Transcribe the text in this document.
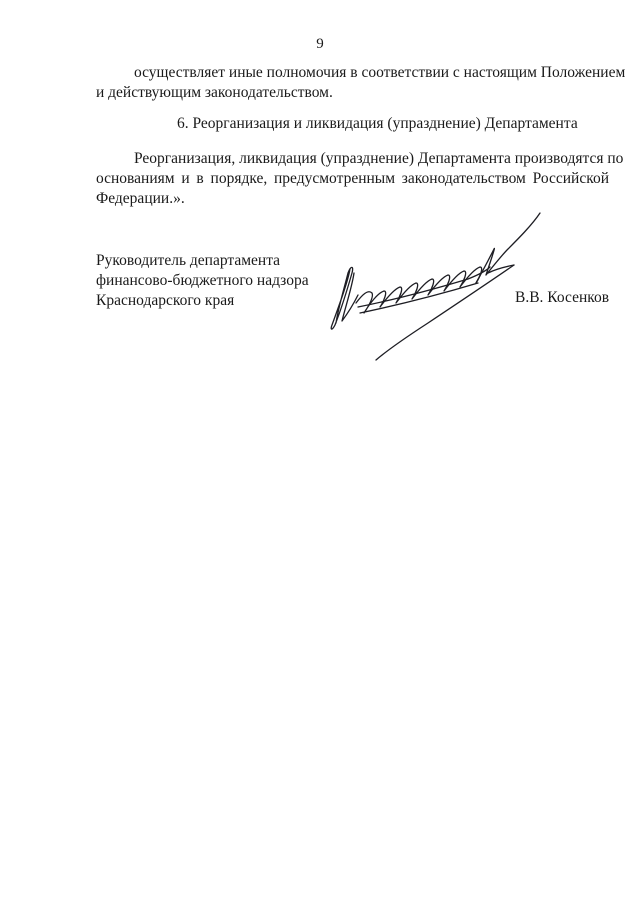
9
осуществляет иные полномочия в соответствии с настоящим Положением
и действующим законодательством.
6. Реорганизация и ликвидация (упразднение) Департамента
Реорганизация, ликвидация (упразднение) Департамента производятся по
основаниям и в порядке, предусмотренным законодательством Российской
Федерации.».
Руководитель департамента
финансово-бюджетного надзора
Краснодарского края	В.В. Косенков
